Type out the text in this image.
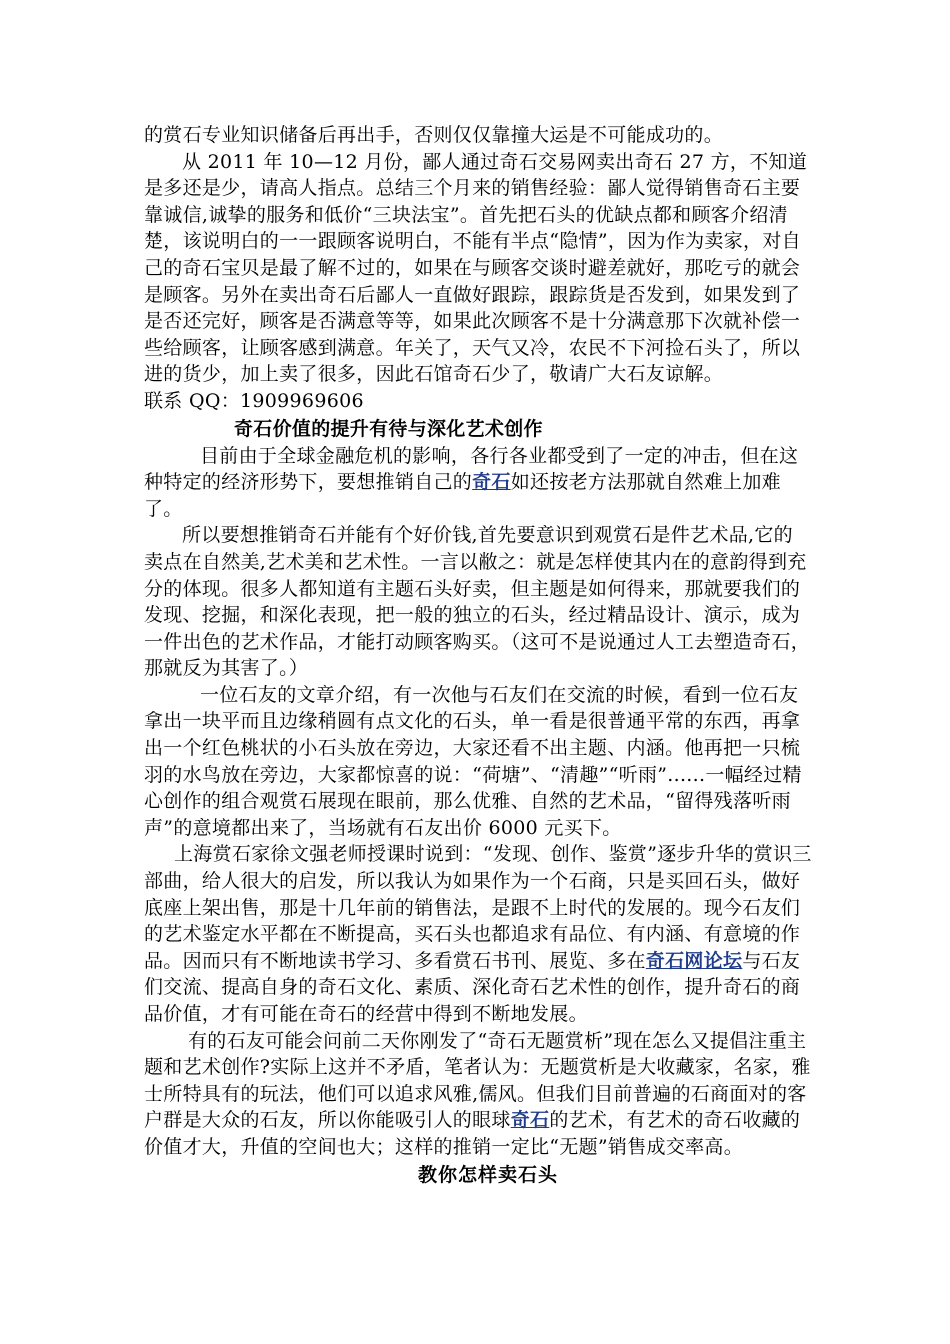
的赏石专业知识储备后再出手，否则仅仅靠撞大运是不可能成功的。

从 2011 年 10—12 月份，鄙人通过奇石交易网卖出奇石 27 方，不知道是多还是少，请高人指点。总结三个月来的销售经验：鄙人觉得销售奇石主要靠诚信,诚挚的服务和低价“三块法宝”。首先把石头的优缺点都和顾客介绍清楚，该说明白的一一跟顾客说明白，不能有半点“隐情”，因为作为卖家，对自己的奇石宝贝是最了解不过的，如果在与顾客交谈时避差就好，那吃亏的就会是顾客。另外在卖出奇石后鄙人一直做好跟踪，跟踪货是否发到，如果发到了是否还完好，顾客是否满意等等，如果此次顾客不是十分满意那下次就补偿一些给顾客，让顾客感到满意。年关了，天气又冷，农民不下河捡石头了，所以进的货少，加上卖了很多，因此石馆奇石少了，敬请广大石友谅解。

联系 QQ：1909969606

奇石价值的提升有待与深化艺术创作

目前由于全球金融危机的影响，各行各业都受到了一定的冲击，但在这种特定的经济形势下，要想推销自己的奇石如还按老方法那就自然难上加难了。

所以要想推销奇石并能有个好价钱,首先要意识到观赏石是件艺术品,它的卖点在自然美,艺术美和艺术性。一言以敝之：就是怎样使其内在的意韵得到充分的体现。很多人都知道有主题石头好卖，但主题是如何得来，那就要我们的发现、挖掘，和深化表现，把一般的独立的石头，经过精品设计、演示，成为一件出色的艺术作品，才能打动顾客购买。（这可不是说通过人工去塑造奇石，那就反为其害了。）

一位石友的文章介绍，有一次他与石友们在交流的时候，看到一位石友拿出一块平而且边缘稍圆有点文化的石头，单一看是很普通平常的东西，再拿出一个红色桃状的小石头放在旁边，大家还看不出主题、内涵。他再把一只梳羽的水鸟放在旁边，大家都惊喜的说：“荷塘”、“清趣”“听雨”......一幅经过精心创作的组合观赏石展现在眼前，那么优雅、自然的艺术品，“留得残落听雨声”的意境都出来了，当场就有石友出价 6000 元买下。

上海赏石家徐文强老师授课时说到：“发现、创作、鉴赏”逐步升华的赏识三部曲，给人很大的启发，所以我认为如果作为一个石商，只是买回石头，做好底座上架出售，那是十几年前的销售法，是跟不上时代的发展的。现今石友们的艺术鉴定水平都在不断提高，买石头也都追求有品位、有内涵、有意境的作品。因而只有不断地读书学习、多看赏石书刊、展览、多在奇石网论坛与石友们交流、提高自身的奇石文化、素质、深化奇石艺术性的创作，提升奇石的商品价值，才有可能在奇石的经营中得到不断地发展。

有的石友可能会问前二天你刚发了“奇石无题赏析”现在怎么又提倡注重主题和艺术创作?实际上这并不矛盾，笔者认为：无题赏析是大收藏家，名家，雅士所特具有的玩法，他们可以追求风雅,儒风。但我们目前普遍的石商面对的客户群是大众的石友，所以你能吸引人的眼球奇石的艺术，有艺术的奇石收藏的价值才大，升值的空间也大；这样的推销一定比“无题”销售成交率高。

教你怎样卖石头
